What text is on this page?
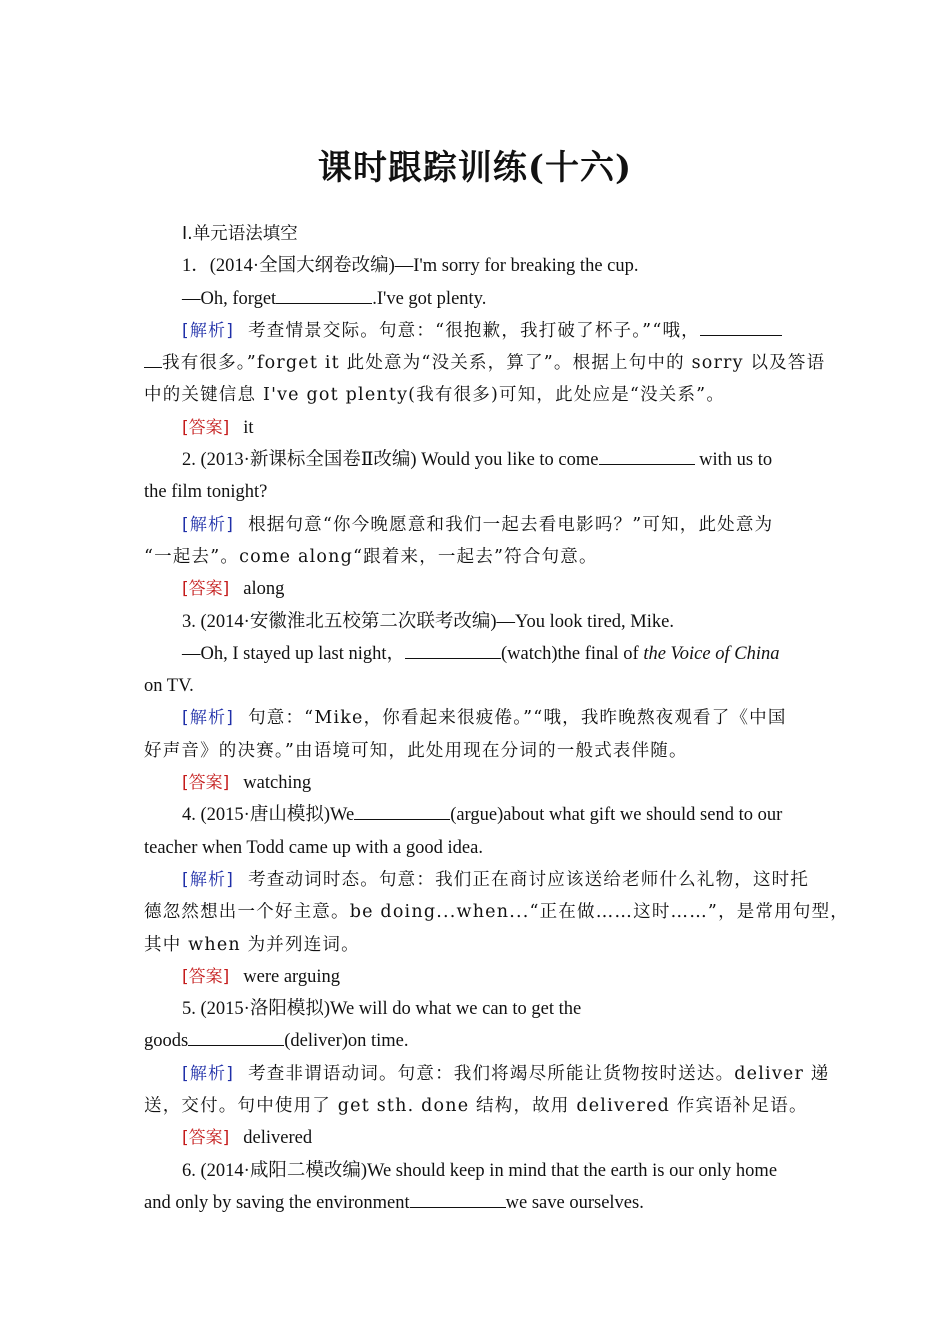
课时跟踪训练(十六)
Ⅰ.单元语法填空
1．(2014·全国大纲卷改编)—I'm sorry for breaking the cup.
—Oh, forget	.I've got plenty.
[解析] 考查情景交际。句意：“很抱歉，我打破了杯子。”“哦，
我有很多。”forget it 此处意为“没关系，算了”。根据上句中的 sorry 以及答语
中的关键信息 I've got plenty(我有很多)可知，此处应是“没关系”。
[答案] it
2. (2013·新课标全国卷Ⅱ改编) Would you like to come	with us to
the film tonight?
[解析] 根据句意“你今晚愿意和我们一起去看电影吗？”可知，此处意为
“一起去”。come along“跟着来，一起去”符合句意。
[答案] along
3. (2014·安徽淮北五校第二次联考改编)—You look tired, Mike.
—Oh, I stayed up last night，	(watch)the final of the Voice of China
on TV.
[解析] 句意：“Mike，你看起来很疲倦。”“哦，我昨晚熬夜观看了《中国
好声音》的决赛。”由语境可知，此处用现在分词的一般式表伴随。
[答案] watching
4. (2015·唐山模拟)We	(argue)about what gift we should send to our
teacher when Todd came up with a good idea.
[解析] 考查动词时态。句意：我们正在商讨应该送给老师什么礼物，这时托
德忽然想出一个好主意。be doing...when...“正在做……这时……”，是常用句型，
其中 when 为并列连词。
[答案] were arguing
5. (2015·洛阳模拟)We will do what we can to get the
goods	(deliver)on time.
[解析] 考查非谓语动词。句意：我们将竭尽所能让货物按时送达。deliver 递
送，交付。句中使用了 get sth. done 结构，故用 delivered 作宾语补足语。
[答案] delivered
6. (2014·咸阳二模改编)We should keep in mind that the earth is our only home
and only by saving the environment	we save ourselves.
